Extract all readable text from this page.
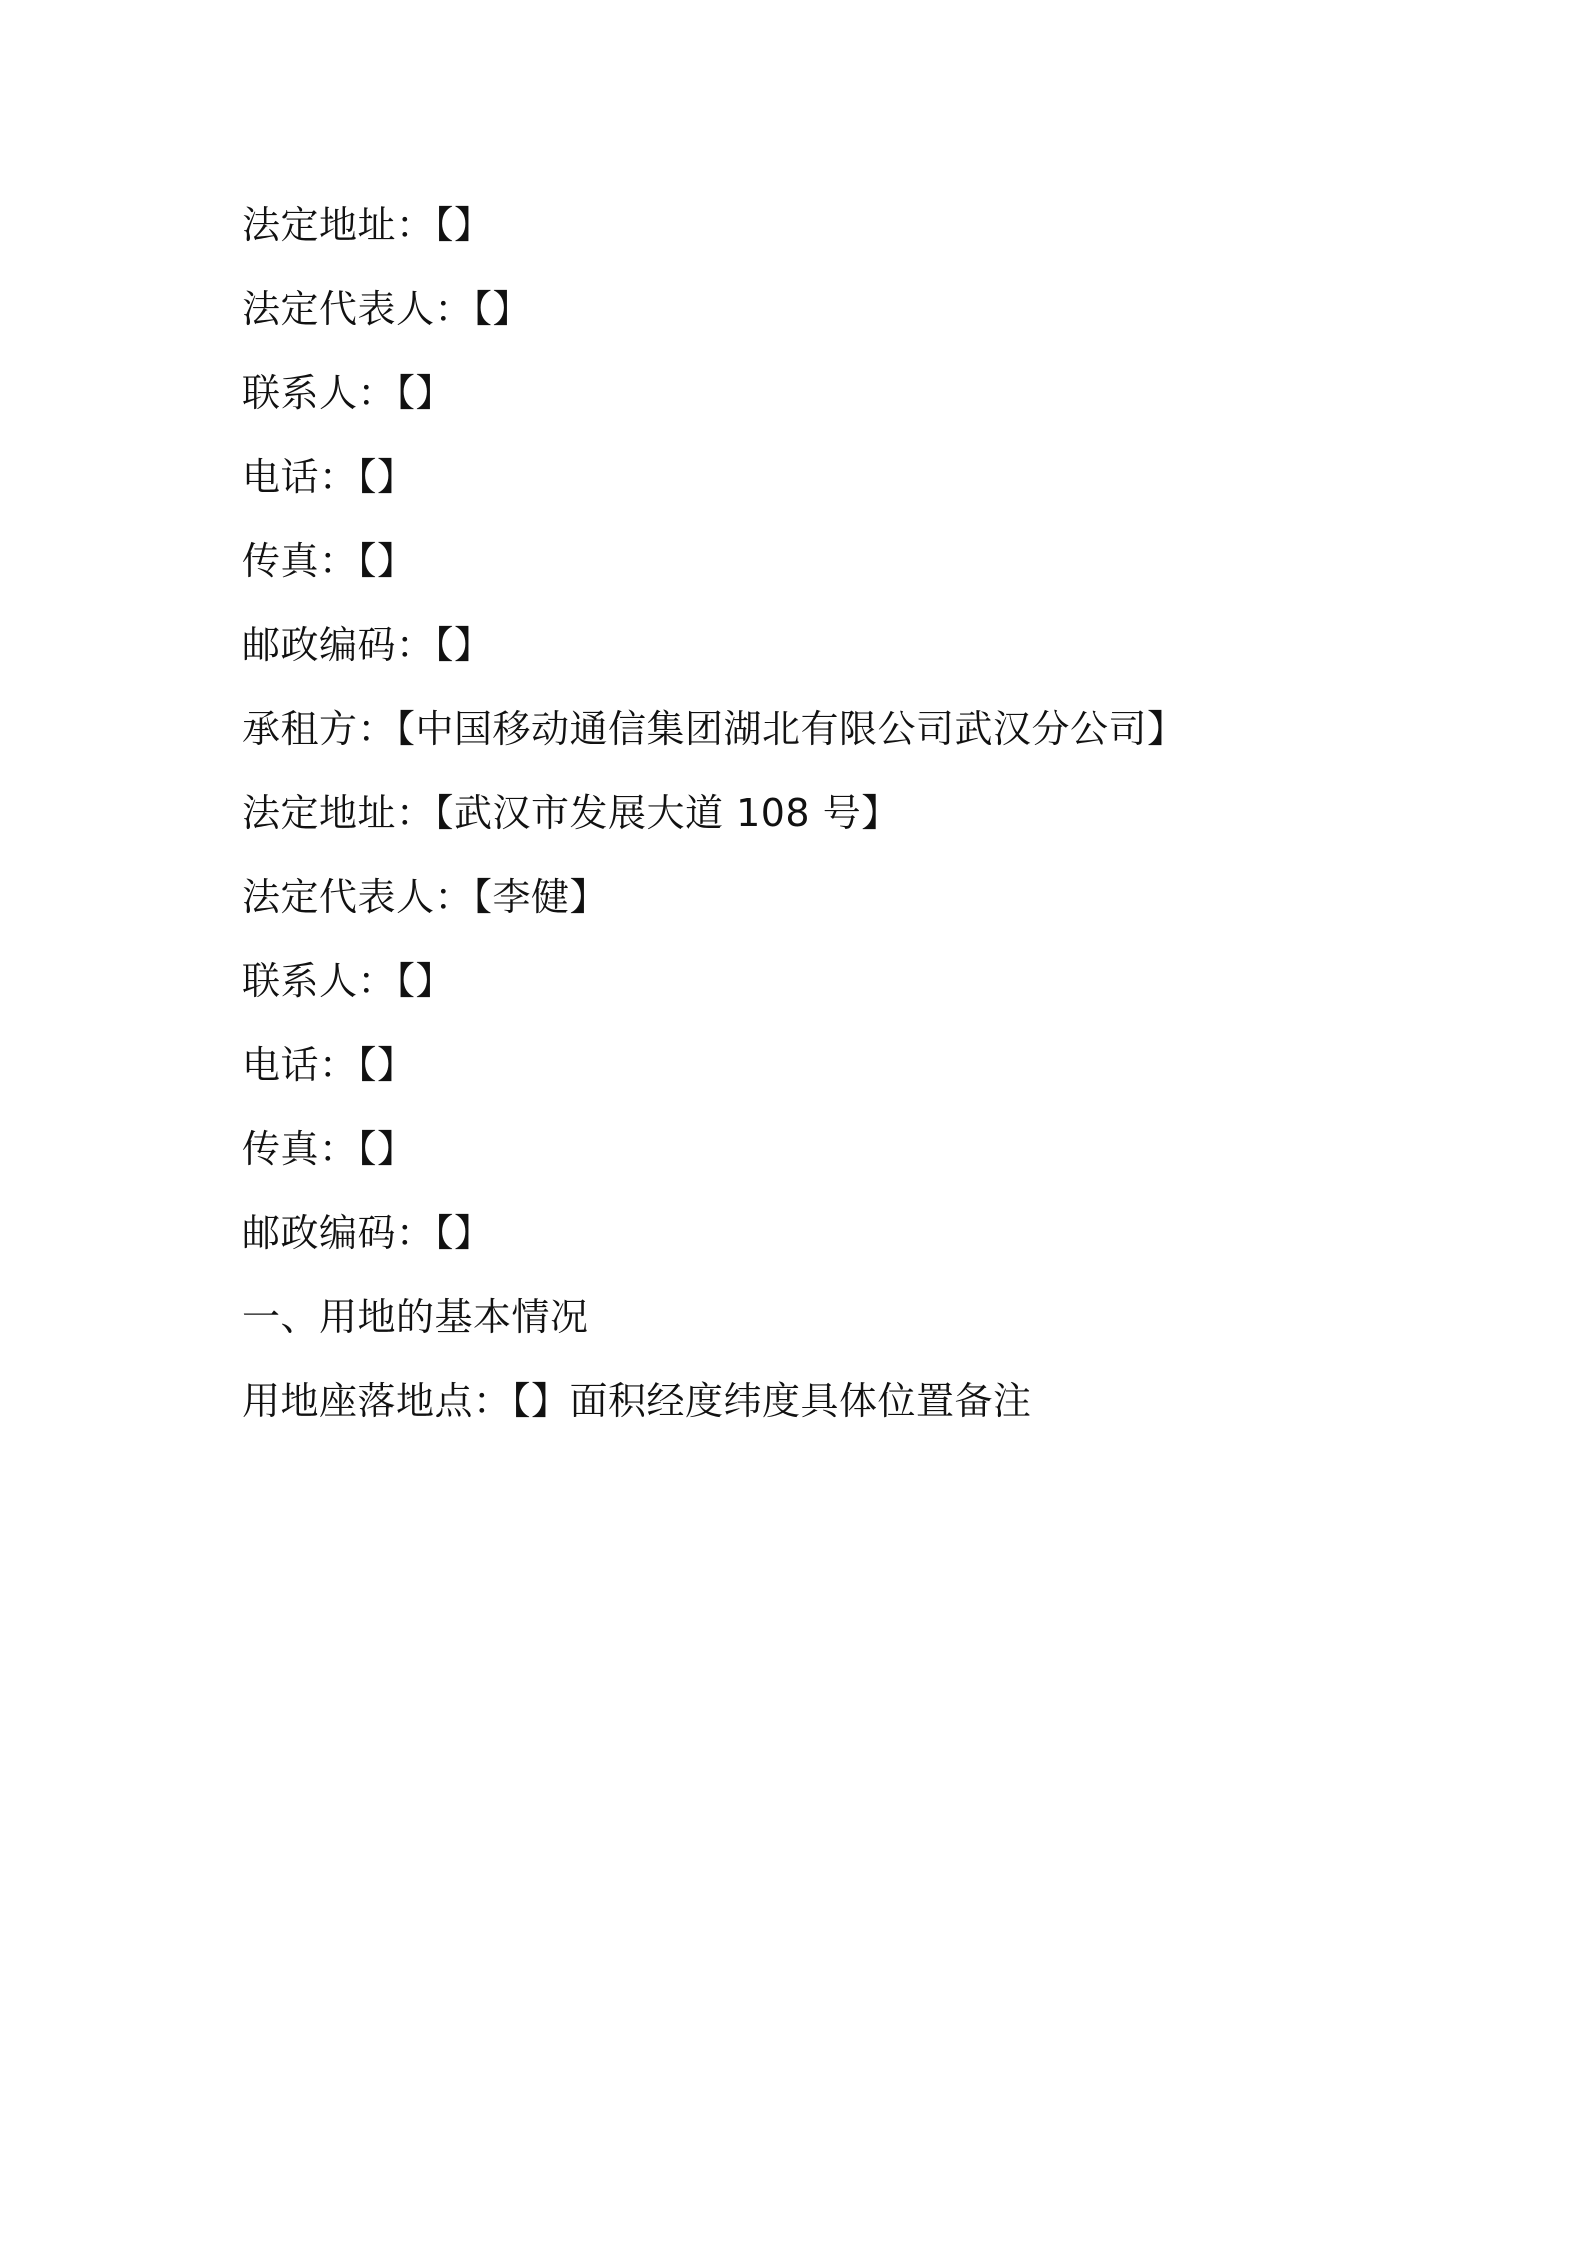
法定地址：【】
法定代表人：【】
联系人：【】
电话：【】
传真：【】
邮政编码：【】
承租方：【中国移动通信集团湖北有限公司武汉分公司】
法定地址：【武汉市发展大道 108 号】
法定代表人：【李健】
联系人：【】
电话：【】
传真：【】
邮政编码：【】
一、用地的基本情况
用地座落地点：【】面积经度纬度具体位置备注
